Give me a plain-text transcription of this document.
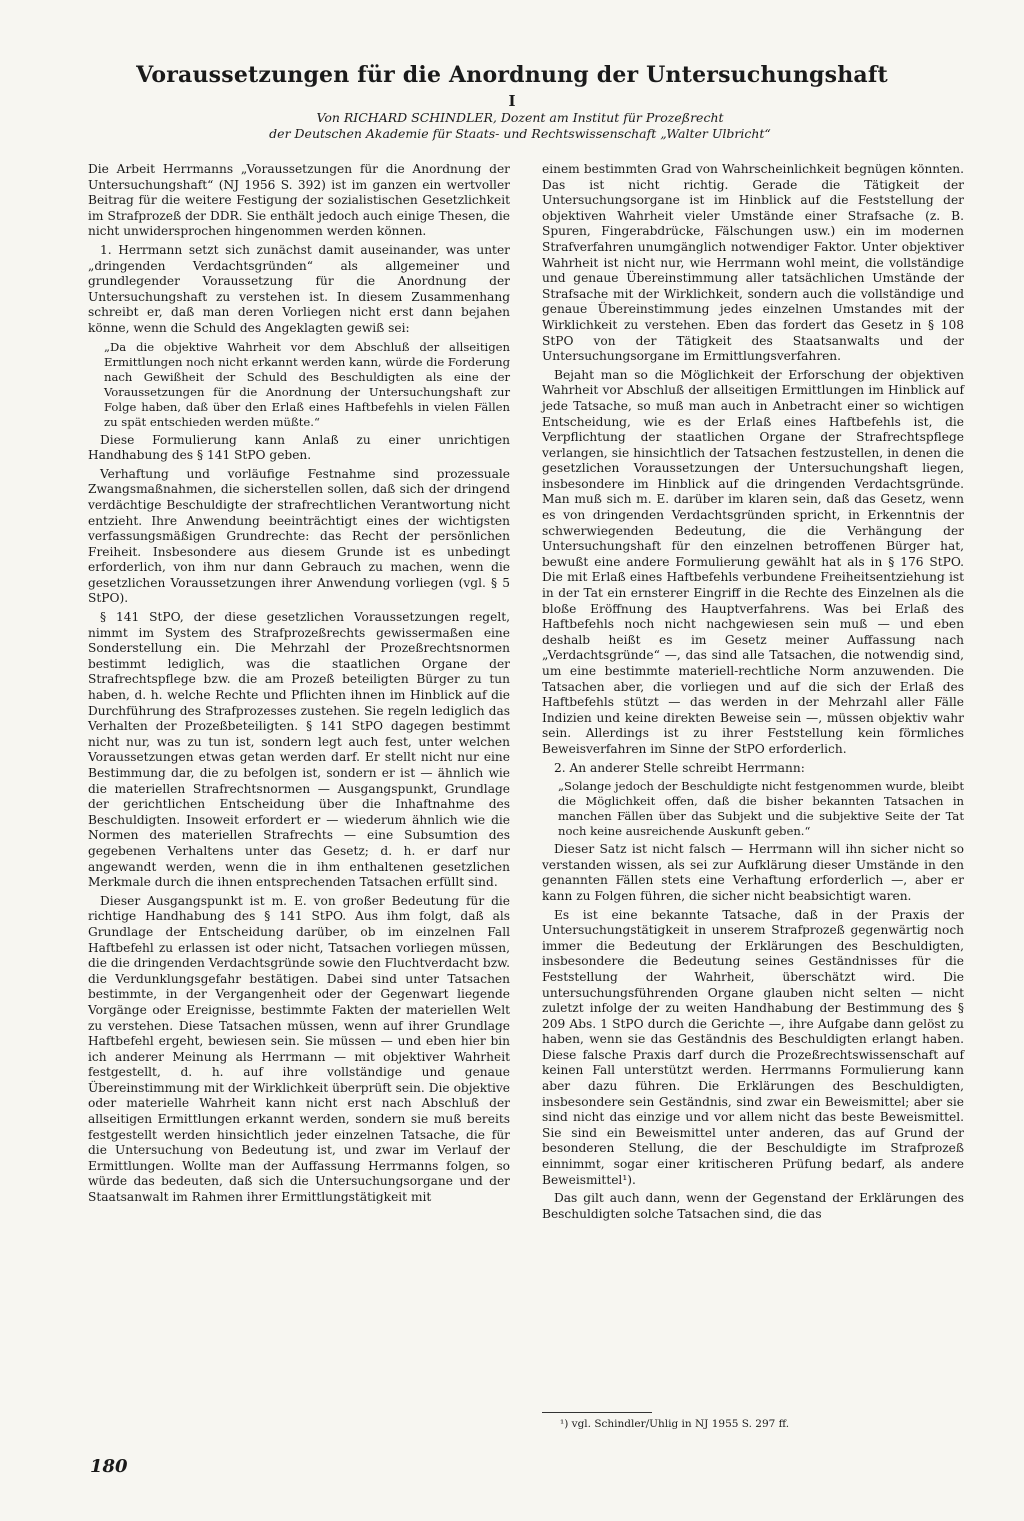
Voraussetzungen für die Anordnung der Untersuchungshaft
I
Von RICHARD SCHINDLER, Dozent am Institut für Prozeßrecht
der Deutschen Akademie für Staats- und Rechtswissenschaft „Walter Ulbricht“

Die Arbeit Herrmanns „Voraussetzungen für die Anordnung der Untersuchungshaft“ (NJ 1956 S. 392) ist im ganzen ein wertvoller Beitrag für die weitere Festigung der sozialistischen Gesetzlichkeit im Strafprozeß der DDR. Sie enthält jedoch auch einige Thesen, die nicht unwidersprochen hingenommen werden können.

1. Herrmann setzt sich zunächst damit auseinander, was unter „dringenden Verdachtsgründen“ als allgemeiner und grundlegender Voraussetzung für die Anordnung der Untersuchungshaft zu verstehen ist. In diesem Zusammenhang schreibt er, daß man deren Vorliegen nicht erst dann bejahen könne, wenn die Schuld des Angeklagten gewiß sei:

„Da die objektive Wahrheit vor dem Abschluß der allseitigen Ermittlungen noch nicht erkannt werden kann, würde die Forderung nach Gewißheit der Schuld des Beschuldigten als eine der Voraussetzungen für die Anordnung der Untersuchungshaft zur Folge haben, daß über den Erlaß eines Haftbefehls in vielen Fällen zu spät entschieden werden müßte.“

Diese Formulierung kann Anlaß zu einer unrichtigen Handhabung des § 141 StPO geben.

Verhaftung und vorläufige Festnahme sind prozessuale Zwangsmaßnahmen, die sicherstellen sollen, daß sich der dringend verdächtige Beschuldigte der strafrechtlichen Verantwortung nicht entzieht. Ihre Anwendung beeinträchtigt eines der wichtigsten verfassungsmäßigen Grundrechte: das Recht der persönlichen Freiheit. Insbesondere aus diesem Grunde ist es unbedingt erforderlich, von ihm nur dann Gebrauch zu machen, wenn die gesetzlichen Voraussetzungen ihrer Anwendung vorliegen (vgl. § 5 StPO).

§ 141 StPO, der diese gesetzlichen Voraussetzungen regelt, nimmt im System des Strafprozeßrechts gewissermaßen eine Sonderstellung ein. Die Mehrzahl der Prozeßrechtsnormen bestimmt lediglich, was die staatlichen Organe der Strafrechtspflege bzw. die am Prozeß beteiligten Bürger zu tun haben, d. h. welche Rechte und Pflichten ihnen im Hinblick auf die Durchführung des Strafprozesses zustehen. Sie regeln lediglich das Verhalten der Prozeßbeteiligten. § 141 StPO dagegen bestimmt nicht nur, was zu tun ist, sondern legt auch fest, unter welchen Voraussetzungen etwas getan werden darf. Er stellt nicht nur eine Bestimmung dar, die zu befolgen ist, sondern er ist — ähnlich wie die materiellen Strafrechtsnormen — Ausgangspunkt, Grundlage der gerichtlichen Entscheidung über die Inhaftnahme des Beschuldigten. Insoweit erfordert er — wiederum ähnlich wie die Normen des materiellen Strafrechts — eine Subsumtion des gegebenen Verhaltens unter das Gesetz; d. h. er darf nur angewandt werden, wenn die in ihm enthaltenen gesetzlichen Merkmale durch die ihnen entsprechenden Tatsachen erfüllt sind.

Dieser Ausgangspunkt ist m. E. von großer Bedeutung für die richtige Handhabung des § 141 StPO. Aus ihm folgt, daß als Grundlage der Entscheidung darüber, ob im einzelnen Fall Haftbefehl zu erlassen ist oder nicht, Tatsachen vorliegen müssen, die die dringenden Verdachtsgründe sowie den Fluchtverdacht bzw. die Verdunklungsgefahr bestätigen. Dabei sind unter Tatsachen bestimmte, in der Vergangenheit oder der Gegenwart liegende Vorgänge oder Ereignisse, bestimmte Fakten der materiellen Welt zu verstehen. Diese Tatsachen müssen, wenn auf ihrer Grundlage Haftbefehl ergeht, bewiesen sein. Sie müssen — und eben hier bin ich anderer Meinung als Herrmann — mit objektiver Wahrheit festgestellt, d. h. auf ihre vollständige und genaue Übereinstimmung mit der Wirklichkeit überprüft sein. Die objektive oder materielle Wahrheit kann nicht erst nach Abschluß der allseitigen Ermittlungen erkannt werden, sondern sie muß bereits festgestellt werden hinsichtlich jeder einzelnen Tatsache, die für die Untersuchung von Bedeutung ist, und zwar im Verlauf der Ermittlungen. Wollte man der Auffassung Herrmanns folgen, so würde das bedeuten, daß sich die Untersuchungsorgane und der Staatsanwalt im Rahmen ihrer Ermittlungstätigkeit mit

einem bestimmten Grad von Wahrscheinlichkeit begnügen könnten. Das ist nicht richtig. Gerade die Tätigkeit der Untersuchungsorgane ist im Hinblick auf die Feststellung der objektiven Wahrheit vieler Umstände einer Strafsache (z. B. Spuren, Fingerabdrücke, Fälschungen usw.) ein im modernen Strafverfahren unumgänglich notwendiger Faktor. Unter objektiver Wahrheit ist nicht nur, wie Herrmann wohl meint, die vollständige und genaue Übereinstimmung aller tatsächlichen Umstände der Strafsache mit der Wirklichkeit, sondern auch die vollständige und genaue Übereinstimmung jedes einzelnen Umstandes mit der Wirklichkeit zu verstehen. Eben das fordert das Gesetz in § 108 StPO von der Tätigkeit des Staatsanwalts und der Untersuchungsorgane im Ermittlungsverfahren.

Bejaht man so die Möglichkeit der Erforschung der objektiven Wahrheit vor Abschluß der allseitigen Ermittlungen im Hinblick auf jede Tatsache, so muß man auch in Anbetracht einer so wichtigen Entscheidung, wie es der Erlaß eines Haftbefehls ist, die Verpflichtung der staatlichen Organe der Strafrechtspflege verlangen, sie hinsichtlich der Tatsachen festzustellen, in denen die gesetzlichen Voraussetzungen der Untersuchungshaft liegen, insbesondere im Hinblick auf die dringenden Verdachtsgründe. Man muß sich m. E. darüber im klaren sein, daß das Gesetz, wenn es von dringenden Verdachtsgründen spricht, in Erkenntnis der schwerwiegenden Bedeutung, die die Verhängung der Untersuchungshaft für den einzelnen betroffenen Bürger hat, bewußt eine andere Formulierung gewählt hat als in § 176 StPO. Die mit Erlaß eines Haftbefehls verbundene Freiheitsentziehung ist in der Tat ein ernsterer Eingriff in die Rechte des Einzelnen als die bloße Eröffnung des Hauptverfahrens. Was bei Erlaß des Haftbefehls noch nicht nachgewiesen sein muß — und eben deshalb heißt es im Gesetz meiner Auffassung nach „Verdachtsgründe“ —, das sind alle Tatsachen, die notwendig sind, um eine bestimmte materiell-rechtliche Norm anzuwenden. Die Tatsachen aber, die vorliegen und auf die sich der Erlaß des Haftbefehls stützt — das werden in der Mehrzahl aller Fälle Indizien und keine direkten Beweise sein —, müssen objektiv wahr sein. Allerdings ist zu ihrer Feststellung kein förmliches Beweisverfahren im Sinne der StPO erforderlich.

2. An anderer Stelle schreibt Herrmann:

„Solange jedoch der Beschuldigte nicht festgenommen wurde, bleibt die Möglichkeit offen, daß die bisher bekannten Tatsachen in manchen Fällen über das Subjekt und die subjektive Seite der Tat noch keine ausreichende Auskunft geben.“

Dieser Satz ist nicht falsch — Herrmann will ihn sicher nicht so verstanden wissen, als sei zur Aufklärung dieser Umstände in den genannten Fällen stets eine Verhaftung erforderlich —, aber er kann zu Folgen führen, die sicher nicht beabsichtigt waren.

Es ist eine bekannte Tatsache, daß in der Praxis der Untersuchungstätigkeit in unserem Strafprozeß gegenwärtig noch immer die Bedeutung der Erklärungen des Beschuldigten, insbesondere die Bedeutung seines Geständnisses für die Feststellung der Wahrheit, überschätzt wird. Die untersuchungsführenden Organe glauben nicht selten — nicht zuletzt infolge der zu weiten Handhabung der Bestimmung des § 209 Abs. 1 StPO durch die Gerichte —, ihre Aufgabe dann gelöst zu haben, wenn sie das Geständnis des Beschuldigten erlangt haben. Diese falsche Praxis darf durch die Prozeßrechtswissenschaft auf keinen Fall unterstützt werden. Herrmanns Formulierung kann aber dazu führen. Die Erklärungen des Beschuldigten, insbesondere sein Geständnis, sind zwar ein Beweismittel; aber sie sind nicht das einzige und vor allem nicht das beste Beweismittel. Sie sind ein Beweismittel unter anderen, das auf Grund der besonderen Stellung, die der Beschuldigte im Strafprozeß einnimmt, sogar einer kritischeren Prüfung bedarf, als andere Beweismittel¹).

Das gilt auch dann, wenn der Gegenstand der Erklärungen des Beschuldigten solche Tatsachen sind, die das

¹) vgl. Schindler/Uhlig in NJ 1955 S. 297 ff.
180
